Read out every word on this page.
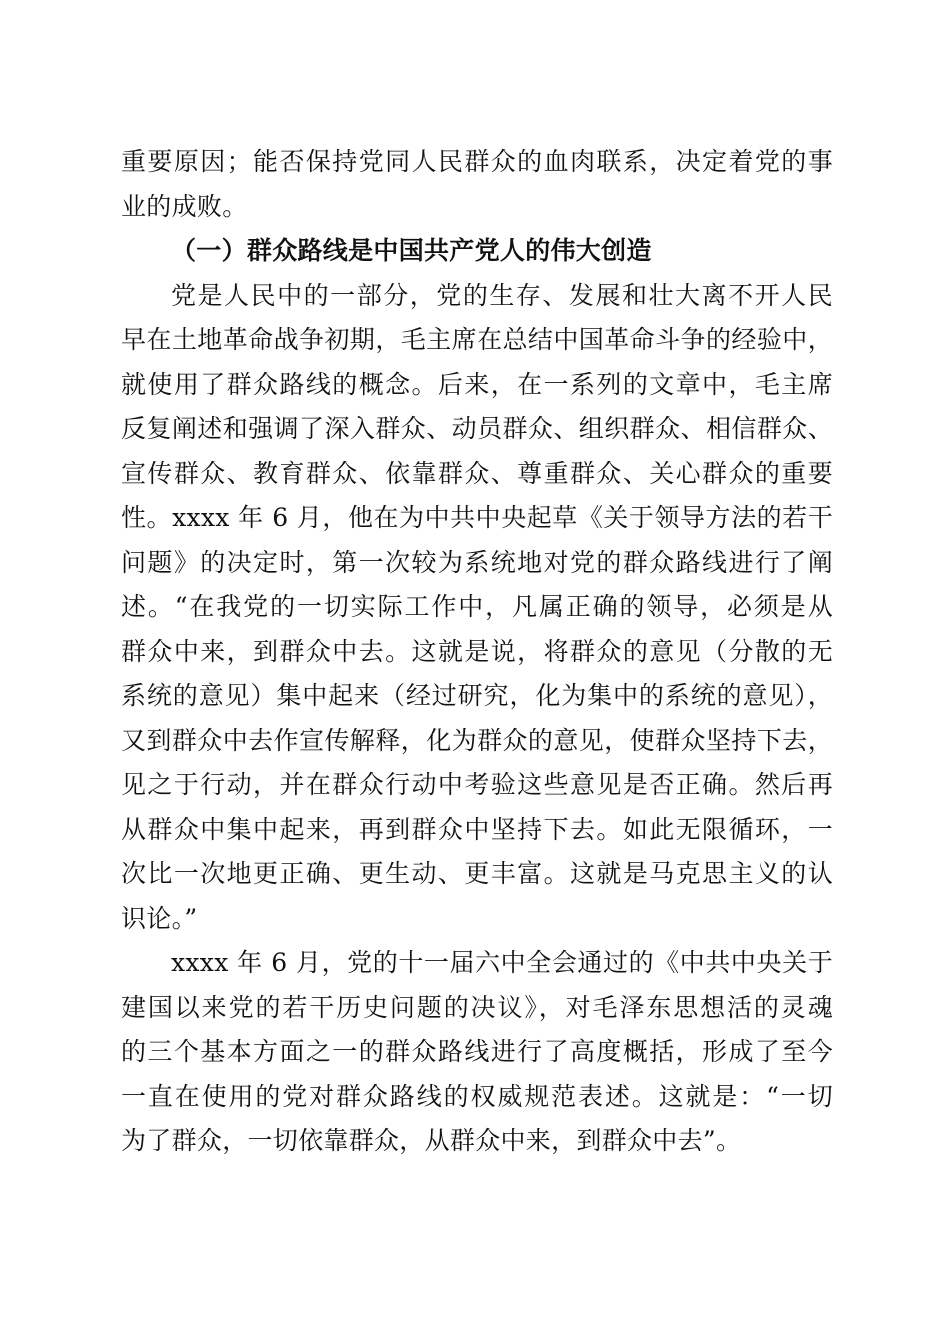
重要原因；能否保持党同人民群众的血肉联系，决定着党的事
业的成败。
（一）群众路线是中国共产党人的伟大创造
党是人民中的一部分，党的生存、发展和壮大离不开人民
早在土地革命战争初期，毛主席在总结中国革命斗争的经验中，
就使用了群众路线的概念。后来，在一系列的文章中，毛主席
反复阐述和强调了深入群众、动员群众、组织群众、相信群众、
宣传群众、教育群众、依靠群众、尊重群众、关心群众的重要
性。xxxx 年 6 月，他在为中共中央起草《关于领导方法的若干
问题》的决定时，第一次较为系统地对党的群众路线进行了阐
述。“在我党的一切实际工作中，凡属正确的领导，必须是从
群众中来，到群众中去。这就是说，将群众的意见（分散的无
系统的意见）集中起来（经过研究，化为集中的系统的意见），
又到群众中去作宣传解释，化为群众的意见，使群众坚持下去，
见之于行动，并在群众行动中考验这些意见是否正确。然后再
从群众中集中起来，再到群众中坚持下去。如此无限循环，一
次比一次地更正确、更生动、更丰富。这就是马克思主义的认
识论。”
xxxx 年 6 月，党的十一届六中全会通过的《中共中央关于
建国以来党的若干历史问题的决议》，对毛泽东思想活的灵魂
的三个基本方面之一的群众路线进行了高度概括，形成了至今
一直在使用的党对群众路线的权威规范表述。这就是：“一切
为了群众，一切依靠群众，从群众中来，到群众中去”。
